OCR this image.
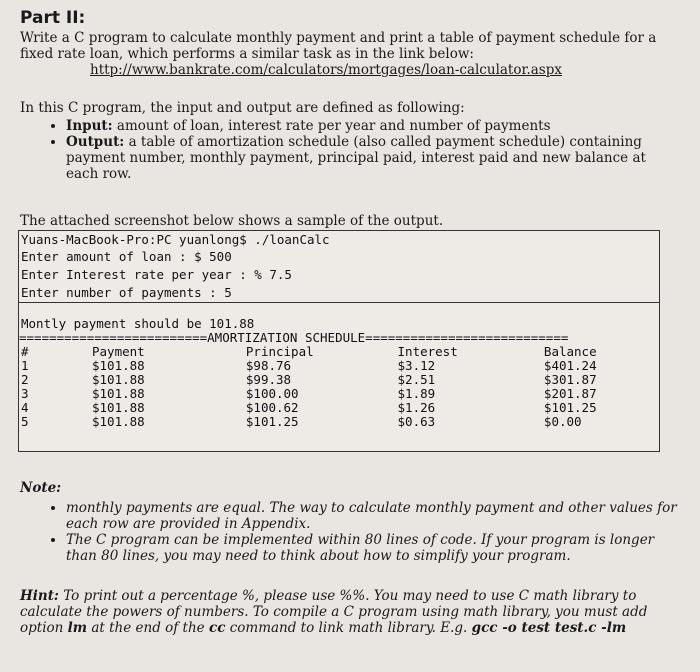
Part II:
Write a C program to calculate monthly payment and print a table of payment schedule for a
fixed rate loan, which performs a similar task as in the link below:
http://www.bankrate.com/calculators/mortgages/loan-calculator.aspx
In this C program, the input and output are defined as following:
• Input: amount of loan, interest rate per year and number of payments
• Output: a table of amortization schedule (also called payment schedule) containing payment number, monthly payment, principal paid, interest paid and new balance at each row.
The attached screenshot below shows a sample of the output.
Yuans-MacBook-Pro:PC yuanlong$ ./loanCalc
Enter amount of loan : $ 500
Enter Interest rate per year : % 7.5
Enter number of payments : 5
Montly payment should be 101.88
=========================AMORTIZATION SCHEDULE===========================
#	Payment	Principal	Interest	Balance
1	$101.88	$98.76	$3.12	$401.24
2	$101.88	$99.38	$2.51	$301.87
3	$101.88	$100.00	$1.89	$201.87
4	$101.88	$100.62	$1.26	$101.25
5	$101.88	$101.25	$0.63	$0.00
Note:
• monthly payments are equal. The way to calculate monthly payment and other values for each row are provided in Appendix.
• The C program can be implemented within 80 lines of code. If your program is longer than 80 lines, you may need to think about how to simplify your program.
Hint: To print out a percentage %, please use %%. You may need to use C math library to calculate the powers of numbers. To compile a C program using math library, you must add option lm at the end of the cc command to link math library. E.g. gcc -o test test.c -lm
